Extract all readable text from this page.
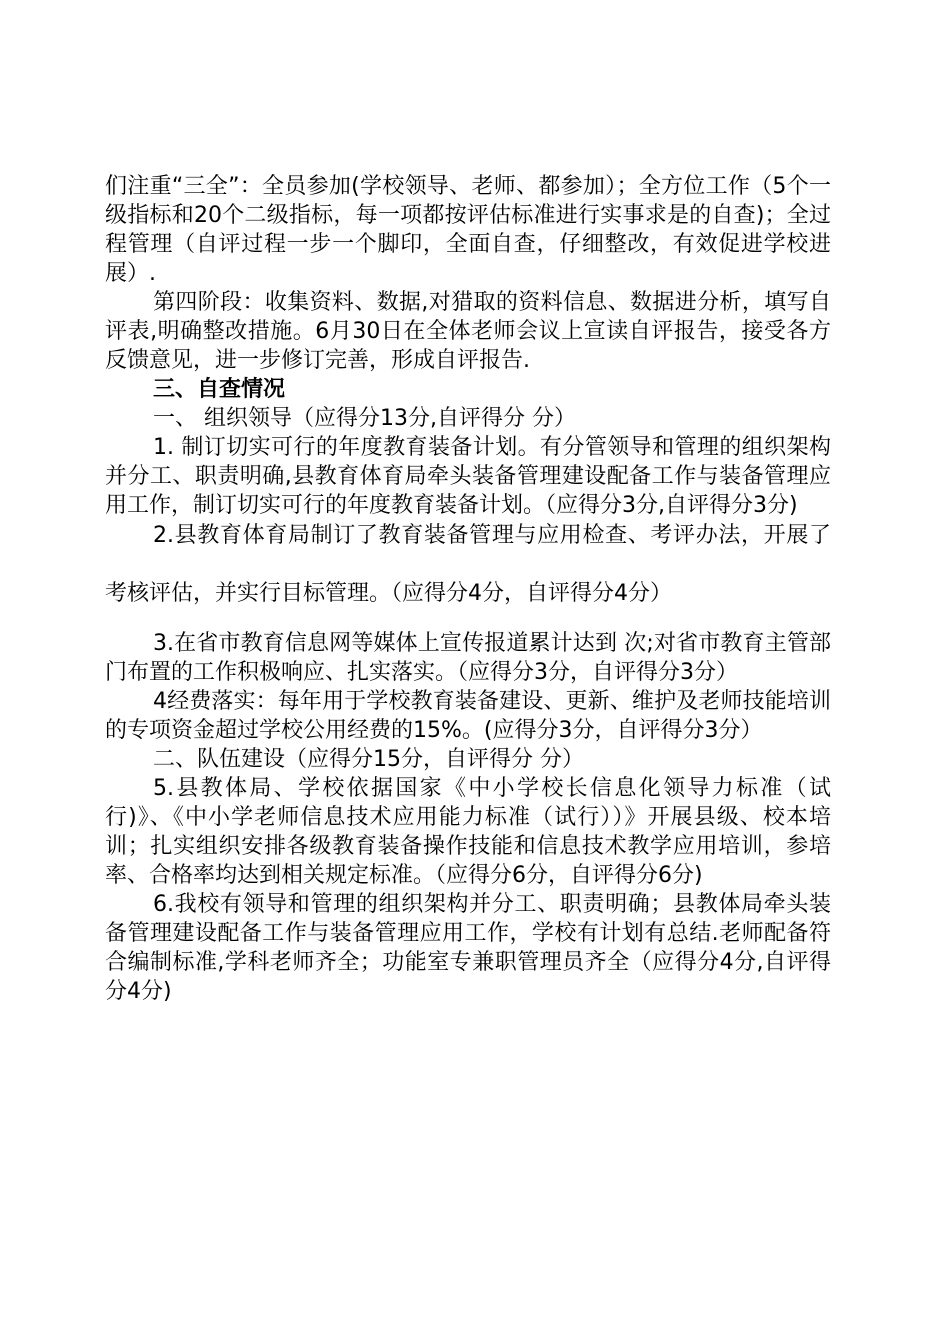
们注重“三全”：全员参加(学校领导、老师、都参加）；全方位工作（5个一级指标和20个二级指标，每一项都按评估标准进行实事求是的自查)；全过程管理（自评过程一步一个脚印，全面自查，仔细整改，有效促进学校进展）.

第四阶段：收集资料、数据,对猎取的资料信息、数据进分析，填写自评表,明确整改措施。6月30日在全体老师会议上宣读自评报告，接受各方反馈意见，进一步修订完善，形成自评报告.

三、自查情况

一、 组织领导（应得分13分,自评得分 分）

1. 制订切实可行的年度教育装备计划。有分管领导和管理的组织架构并分工、职责明确,县教育体育局牵头装备管理建设配备工作与装备管理应用工作，制订切实可行的年度教育装备计划。（应得分3分,自评得分3分)

2.县教育体育局制订了教育装备管理与应用检查、考评办法，开展了考核评估，并实行目标管理。（应得分4分，自评得分4分）

3.在省市教育信息网等媒体上宣传报道累计达到 次;对省市教育主管部门布置的工作积极响应、扎实落实。（应得分3分，自评得分3分）

4经费落实：每年用于学校教育装备建设、更新、维护及老师技能培训的专项资金超过学校公用经费的15%。(应得分3分，自评得分3分）

二、队伍建设（应得分15分，自评得分 分）

5.县教体局、学校依据国家《中小学校长信息化领导力标准（试行)》、《中小学老师信息技术应用能力标准（试行））》开展县级、校本培训；扎实组织安排各级教育装备操作技能和信息技术教学应用培训，参培率、合格率均达到相关规定标准。（应得分6分，自评得分6分)

6.我校有领导和管理的组织架构并分工、职责明确；县教体局牵头装备管理建设配备工作与装备管理应用工作，学校有计划有总结.老师配备符合编制标准,学科老师齐全；功能室专兼职管理员齐全（应得分4分,自评得分4分)
